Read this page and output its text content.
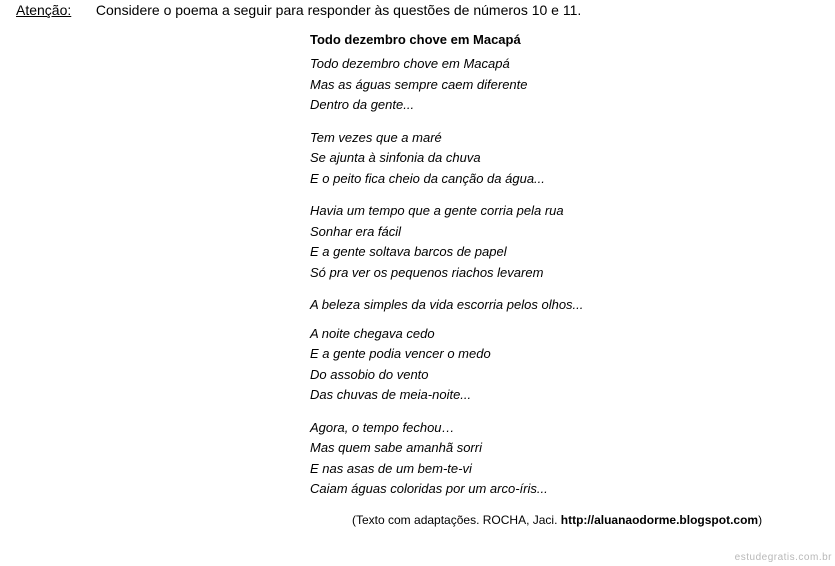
Atenção: Considere o poema a seguir para responder às questões de números 10 e 11.
Todo dezembro chove em Macapá
Todo dezembro chove em Macapá
Mas as águas sempre caem diferente
Dentro da gente...
Tem vezes que a maré
Se ajunta à sinfonia da chuva
E o peito fica cheio da canção da água...
Havia um tempo que a gente corria pela rua
Sonhar era fácil
E a gente soltava barcos de papel
Só pra ver os pequenos riachos levarem
A beleza simples da vida escorria pelos olhos...
A noite chegava cedo
E a gente podia vencer o medo
Do assobio do vento
Das chuvas de meia-noite...
Agora, o tempo fechou…
Mas quem sabe amanhã sorri
E nas asas de um bem-te-vi
Caiam águas coloridas por um arco-íris...
(Texto com adaptações. ROCHA, Jaci. http://aluanaodorme.blogspot.com)
estudegratis.com.br
